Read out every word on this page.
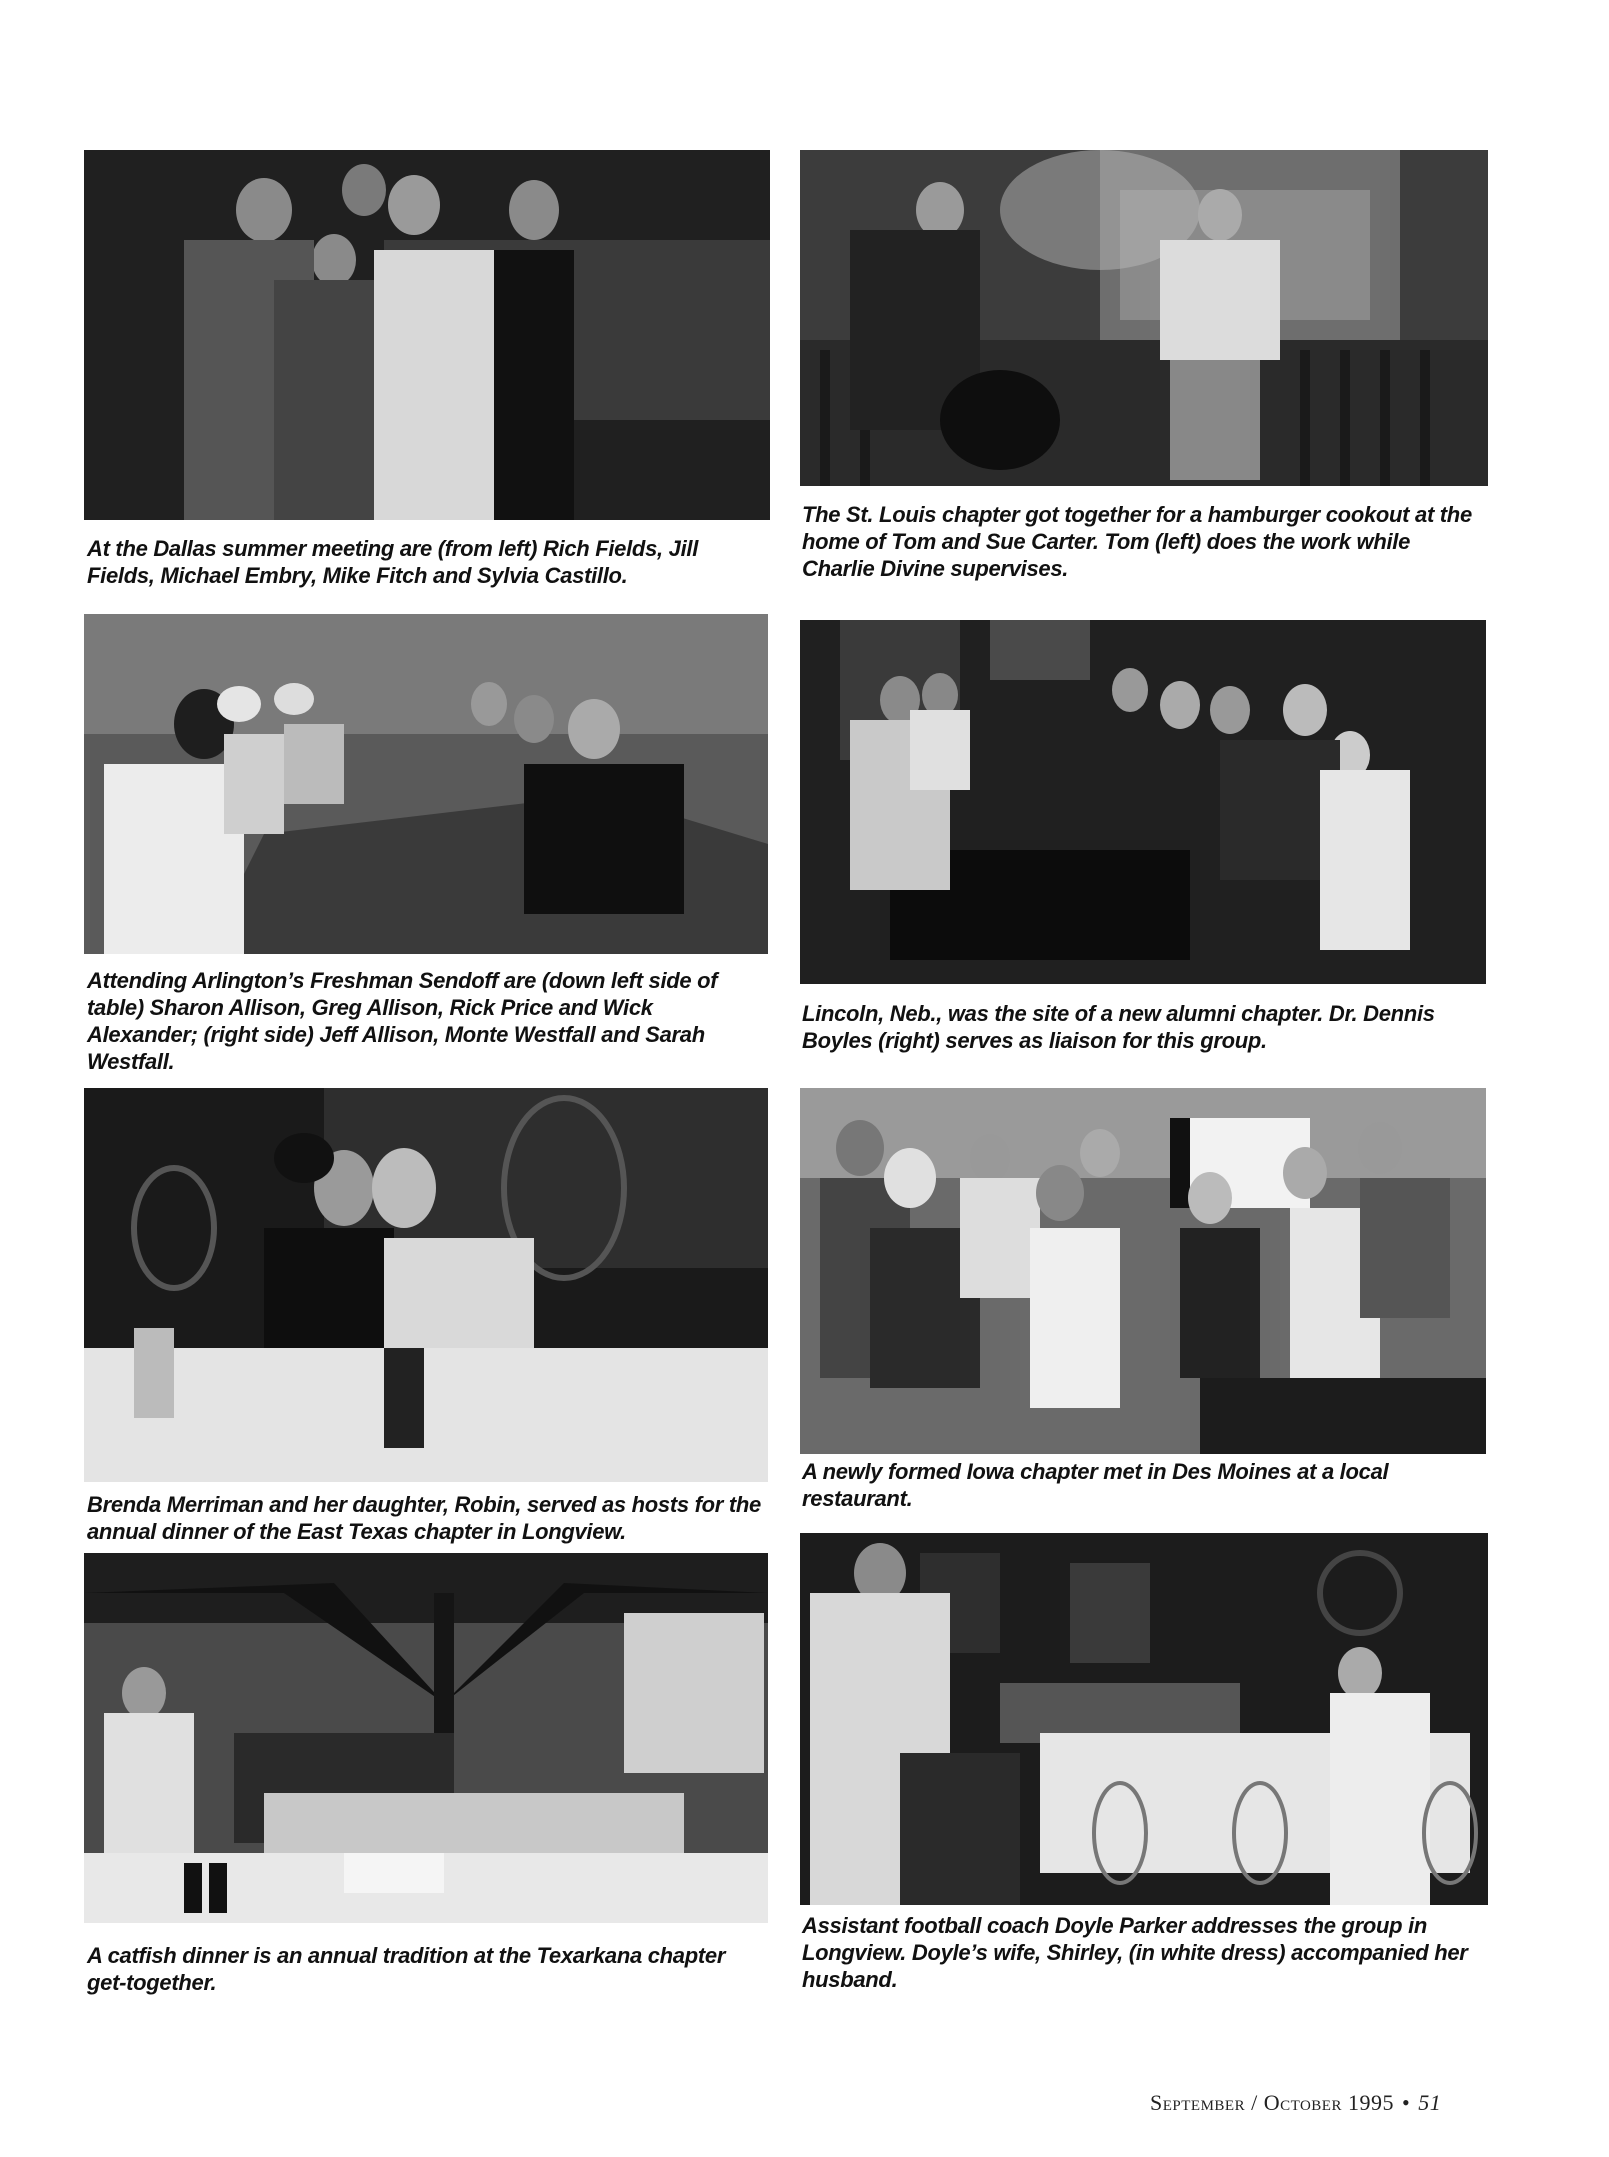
At the Dallas summer meeting are (from left) Rich Fields, Jill Fields, Michael Embry, Mike Fitch and Sylvia Castillo.
The St. Louis chapter got together for a hamburger cookout at the home of Tom and Sue Carter. Tom (left) does the work while Charlie Divine supervises.
Attending Arlington’s Freshman Sendoff are (down left side of table) Sharon Allison, Greg Allison, Rick Price and Wick Alexander; (right side) Jeff Allison, Monte Westfall and Sarah Westfall.
Lincoln, Neb., was the site of a new alumni chapter. Dr. Dennis Boyles (right) serves as liaison for this group.
Brenda Merriman and her daughter, Robin, served as hosts for the annual dinner of the East Texas chapter in Longview.
A newly formed Iowa chapter met in Des Moines at a local restaurant.
A catfish dinner is an annual tradition at the Texarkana chapter get-together.
Assistant football coach Doyle Parker addresses the group in Longview. Doyle’s wife, Shirley, (in white dress) accompanied her husband.
September / October 1995 • 51
